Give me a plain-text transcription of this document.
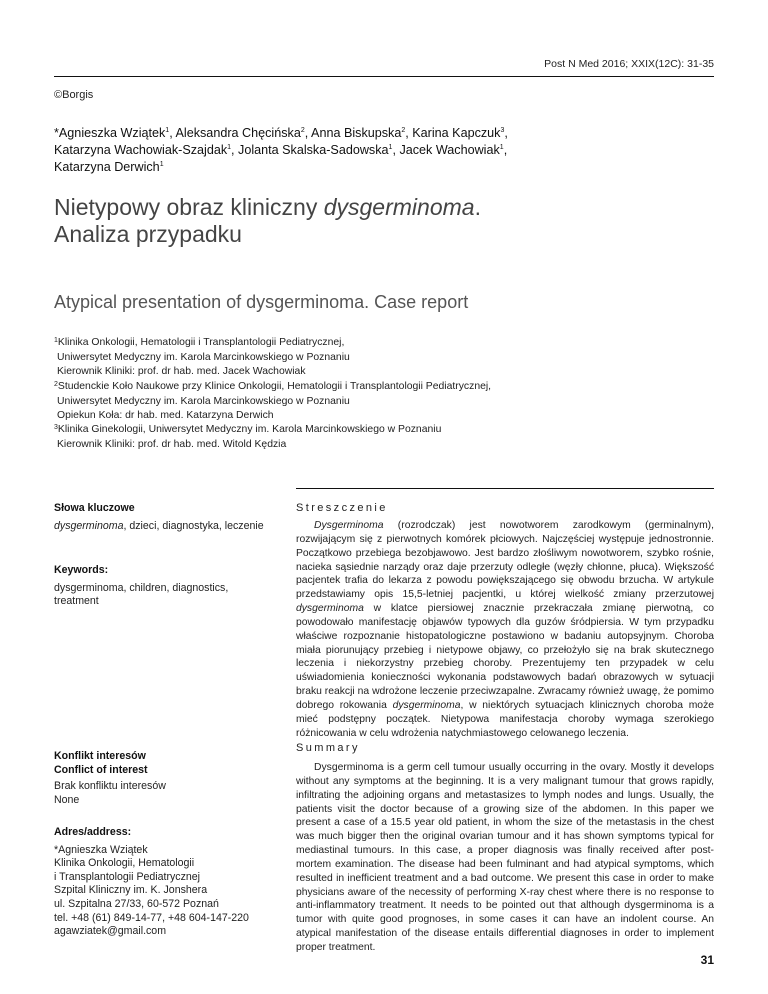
Post N Med 2016; XXIX(12C): 31-35
©Borgis
*Agnieszka Wziątek$^1$, Aleksandra Chęcińska$^2$, Anna Biskupska$^2$, Karina Kapczuk$^3$,
Katarzyna Wachowiak-Szajdak$^1$, Jolanta Skalska-Sadowska$^1$, Jacek Wachowiak$^1$,
Katarzyna Derwich$^1$
Nietypowy obraz kliniczny dysgerminoma.
Analiza przypadku
Atypical presentation of dysgerminoma. Case report
$^1$Klinika Onkologii, Hematologii i Transplantologii Pediatrycznej,
Uniwersytet Medyczny im. Karola Marcinkowskiego w Poznaniu
Kierownik Kliniki: prof. dr hab. med. Jacek Wachowiak
$^2$Studenckie Koło Naukowe przy Klinice Onkologii, Hematologii i Transplantologii Pediatrycznej,
Uniwersytet Medyczny im. Karola Marcinkowskiego w Poznaniu
Opiekun Koła: dr hab. med. Katarzyna Derwich
$^3$Klinika Ginekologii, Uniwersytet Medyczny im. Karola Marcinkowskiego w Poznaniu
Kierownik Kliniki: prof. dr hab. med. Witold Kędzia
Słowa kluczowe
dysgerminoma, dzieci, diagnostyka, leczenie
Keywords:
dysgerminoma, children, diagnostics, treatment
Konflikt interesów
Conflict of interest
Brak konfliktu interesów
None
Adres/address:
*Agnieszka Wziątek
Klinika Onkologii, Hematologii
i Transplantologii Pediatrycznej
Szpital Kliniczny im. K. Jonshera
ul. Szpitalna 27/33, 60-572 Poznań
tel. +48 (61) 849-14-77, +48 604-147-220
agawziatek@gmail.com
Streszczenie

Dysgerminoma (rozrodczak) jest nowotworem zarodkowym (germinalnym), rozwijającym się z pierwotnych komórek płciowych. Najczęściej występuje jednostronnie. Początkowo przebiega bezobjawowo. Jest bardzo złośliwym nowotworem, szybko rośnie, nacieka sąsiednie narządy oraz daje przerzuty odległe (węzły chłonne, płuca). Większość pacjentek trafia do lekarza z powodu powiększającego się obwodu brzucha. W artykule przedstawiamy opis 15,5-letniej pacjentki, u której wielkość zmiany przerzutowej dysgerminoma w klatce piersiowej znacznie przekraczała zmianę pierwotną, co powodowało manifestację objawów typowych dla guzów śródpiersia. W tym przypadku właściwe rozpoznanie histopatologiczne postawiono w badaniu autopsyjnym. Choroba miała piorunujący przebieg i nietypowe objawy, co przełożyło się na brak skutecznego leczenia i niekorzystny przebieg choroby. Prezentujemy ten przypadek w celu uświadomienia konieczności wykonania podstawowych badań obrazowych w sytuacji braku reakcji na wdrożone leczenie przeciwzapalne. Zwracamy również uwagę, że pomimo dobrego rokowania dysgerminoma, w niektórych sytuacjach klinicznych choroba może mieć podstępny początek. Nietypowa manifestacja choroby wymaga szerokiego różnicowania w celu wdrożenia natychmiastowego celowanego leczenia.

Summary

Dysgerminoma is a germ cell tumour usually occurring in the ovary. Mostly it develops without any symptoms at the beginning. It is a very malignant tumour that grows rapidly, infiltrating the adjoining organs and metastasizes to lymph nodes and lungs. Usually, the patients visit the doctor because of a growing size of the abdomen. In this paper we present a case of a 15.5 year old patient, in whom the size of the metastasis in the chest was much bigger then the original ovarian tumour and it has shown symptoms typical for mediastinal tumours. In this case, a proper diagnosis was finally received after post-mortem examination. The disease had been fulminant and had atypical symptoms, which resulted in inefficient treatment and a bad outcome. We present this case in order to make physicians aware of the necessity of performing X-ray chest where there is no response to anti-inflammatory treatment. It needs to be pointed out that although dysgerminoma is a tumor with quite good prognoses, in some cases it can have an indolent course. An atypical manifestation of the disease entails differential diagnoses in order to implement proper treatment.

31
